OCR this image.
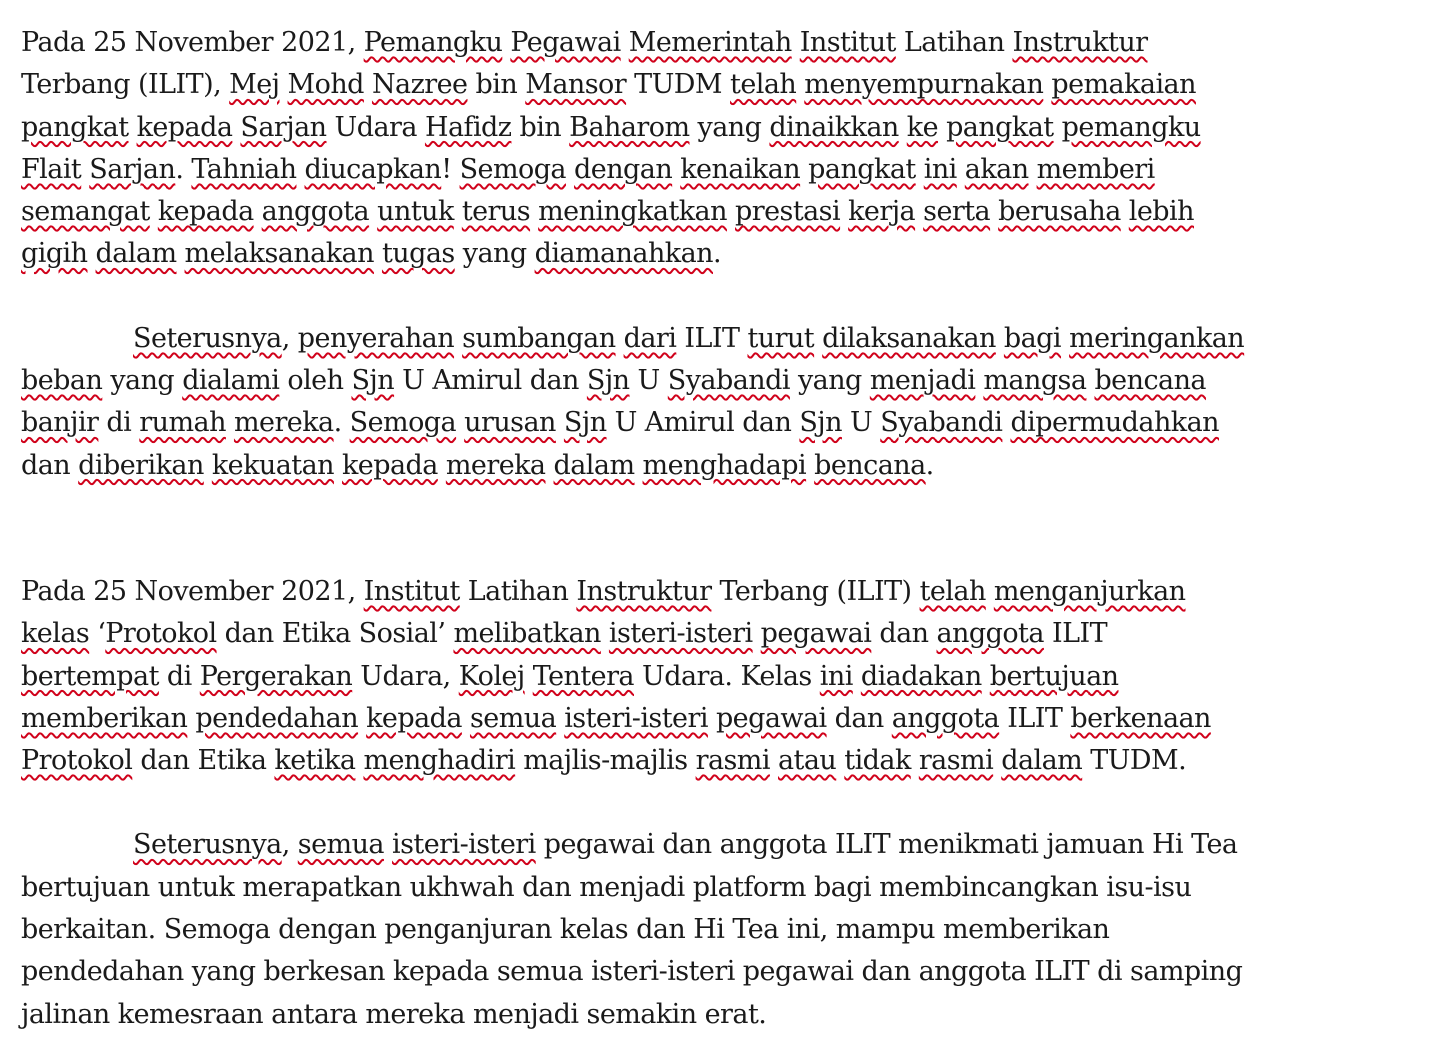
Pada 25 November 2021, Pemangku Pegawai Memerintah Institut Latihan Instruktur
Terbang (ILIT), Mej Mohd Nazree bin Mansor TUDM telah menyempurnakan pemakaian
pangkat kepada Sarjan Udara Hafidz bin Baharom yang dinaikkan ke pangkat pemangku
Flait Sarjan. Tahniah diucapkan! Semoga dengan kenaikan pangkat ini akan memberi
semangat kepada anggota untuk terus meningkatkan prestasi kerja serta berusaha lebih
gigih dalam melaksanakan tugas yang diamanahkan.

Seterusnya, penyerahan sumbangan dari ILIT turut dilaksanakan bagi meringankan
beban yang dialami oleh Sjn U Amirul dan Sjn U Syabandi yang menjadi mangsa bencana
banjir di rumah mereka. Semoga urusan Sjn U Amirul dan Sjn U Syabandi dipermudahkan
dan diberikan kekuatan kepada mereka dalam menghadapi bencana.

Pada 25 November 2021, Institut Latihan Instruktur Terbang (ILIT) telah menganjurkan
kelas ‘Protokol dan Etika Sosial’ melibatkan isteri-isteri pegawai dan anggota ILIT
bertempat di Pergerakan Udara, Kolej Tentera Udara. Kelas ini diadakan bertujuan
memberikan pendedahan kepada semua isteri-isteri pegawai dan anggota ILIT berkenaan
Protokol dan Etika ketika menghadiri majlis-majlis rasmi atau tidak rasmi dalam TUDM.

Seterusnya, semua isteri-isteri pegawai dan anggota ILIT menikmati jamuan Hi Tea
bertujuan untuk merapatkan ukhwah dan menjadi platform bagi membincangkan isu-isu
berkaitan. Semoga dengan penganjuran kelas dan Hi Tea ini, mampu memberikan
pendedahan yang berkesan kepada semua isteri-isteri pegawai dan anggota ILIT di samping
jalinan kemesraan antara mereka menjadi semakin erat.
